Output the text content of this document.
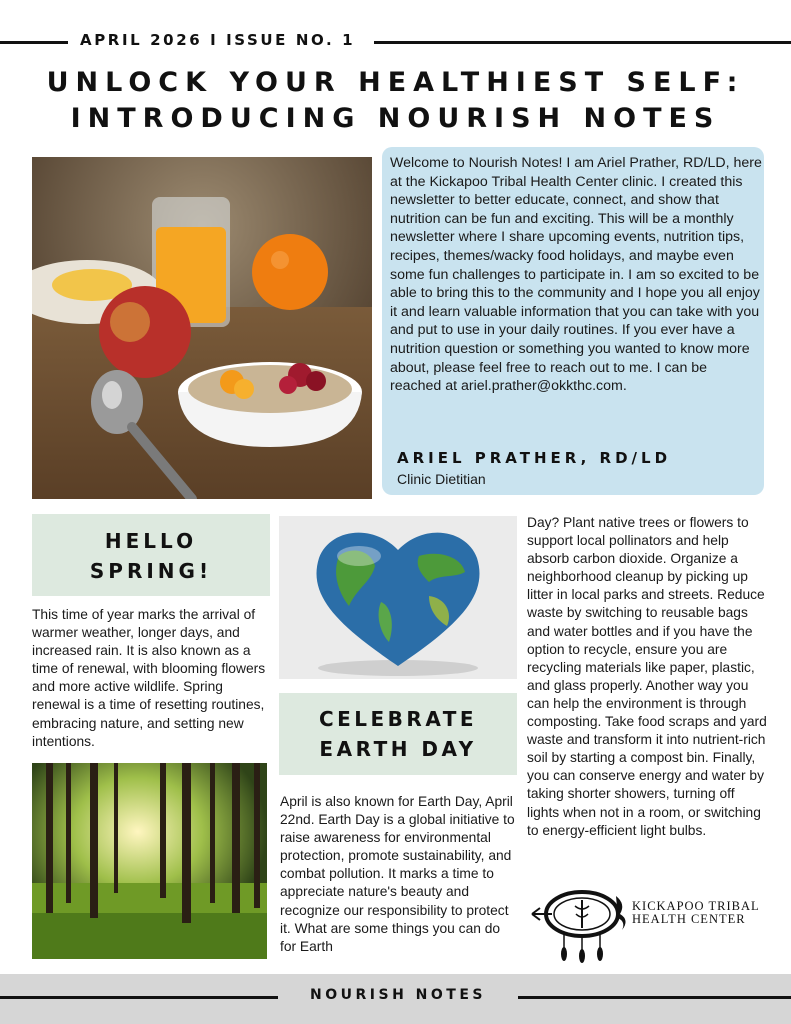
APRIL 2026 I ISSUE NO. 1
UNLOCK YOUR HEALTHIEST SELF:
INTRODUCING NOURISH NOTES
Welcome to Nourish Notes! I am Ariel Prather, RD/LD, here at the Kickapoo Tribal Health Center clinic. I created this newsletter to better educate, connect, and show that nutrition can be fun and exciting. This will be a monthly newsletter where I share upcoming events, nutrition tips, recipes, themes/wacky food holidays, and maybe even some fun challenges to participate in. I am so excited to be able to bring this to the community and I hope you all enjoy it and learn valuable information that you can take with you and put to use in your daily routines. If you ever have a nutrition question or something you wanted to know more about, please feel free to reach out to me. I can be reached at ariel.prather@okkthc.com.
ARIEL PRATHER, RD/LD
Clinic Dietitian
HELLO
SPRING!
This time of year marks the arrival of warmer weather, longer days, and increased rain. It is also known as a time of renewal, with blooming flowers and more active wildlife. Spring renewal is a time of resetting routines, embracing nature, and setting new intentions.
CELEBRATE
EARTH DAY
April is also known for Earth Day, April 22nd. Earth Day is a global initiative to raise awareness for environmental protection, promote sustainability, and combat pollution. It marks a time to appreciate nature's beauty and recognize our responsibility to protect it. What are some things you can do for Earth
Day? Plant native trees or flowers to support local pollinators and help absorb carbon dioxide. Organize a neighborhood cleanup by picking up litter in local parks and streets. Reduce waste by switching to reusable bags and water bottles and if you have the option to recycle, ensure you are recycling materials like paper, plastic, and glass properly. Another way you can help the environment is through composting. Take food scraps and yard waste and transform it into nutrient-rich soil by starting a compost bin. Finally, you can conserve energy and water by taking shorter showers, turning off lights when not in a room, or switching to energy-efficient light bulbs.
KICKAPOO TRIBAL
HEALTH CENTER
NOURISH NOTES
